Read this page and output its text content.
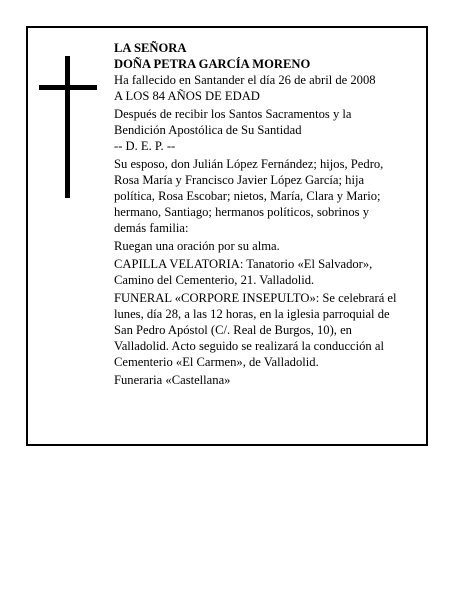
LA SEÑORA
DOÑA PETRA GARCÍA MORENO
Ha fallecido en Santander el día 26 de abril de 2008
A LOS 84 AÑOS DE EDAD
Después de recibir los Santos Sacramentos y la
Bendición Apostólica de Su Santidad
-- D. E. P. --
Su esposo, don Julián López Fernández; hijos, Pedro,
Rosa María y Francisco Javier López García; hija
política, Rosa Escobar; nietos, María, Clara y Mario;
hermano, Santiago; hermanos políticos, sobrinos y
demás familia:
Ruegan una oración por su alma.
CAPILLA VELATORIA: Tanatorio «El Salvador»,
Camino del Cementerio, 21. Valladolid.
FUNERAL «CORPORE INSEPULTO»: Se celebrará el
lunes, día 28, a las 12 horas, en la iglesia parroquial de
San Pedro Apóstol (C/. Real de Burgos, 10), en
Valladolid. Acto seguido se realizará la conducción al
Cementerio «El Carmen», de Valladolid.
Funeraria «Castellana»
